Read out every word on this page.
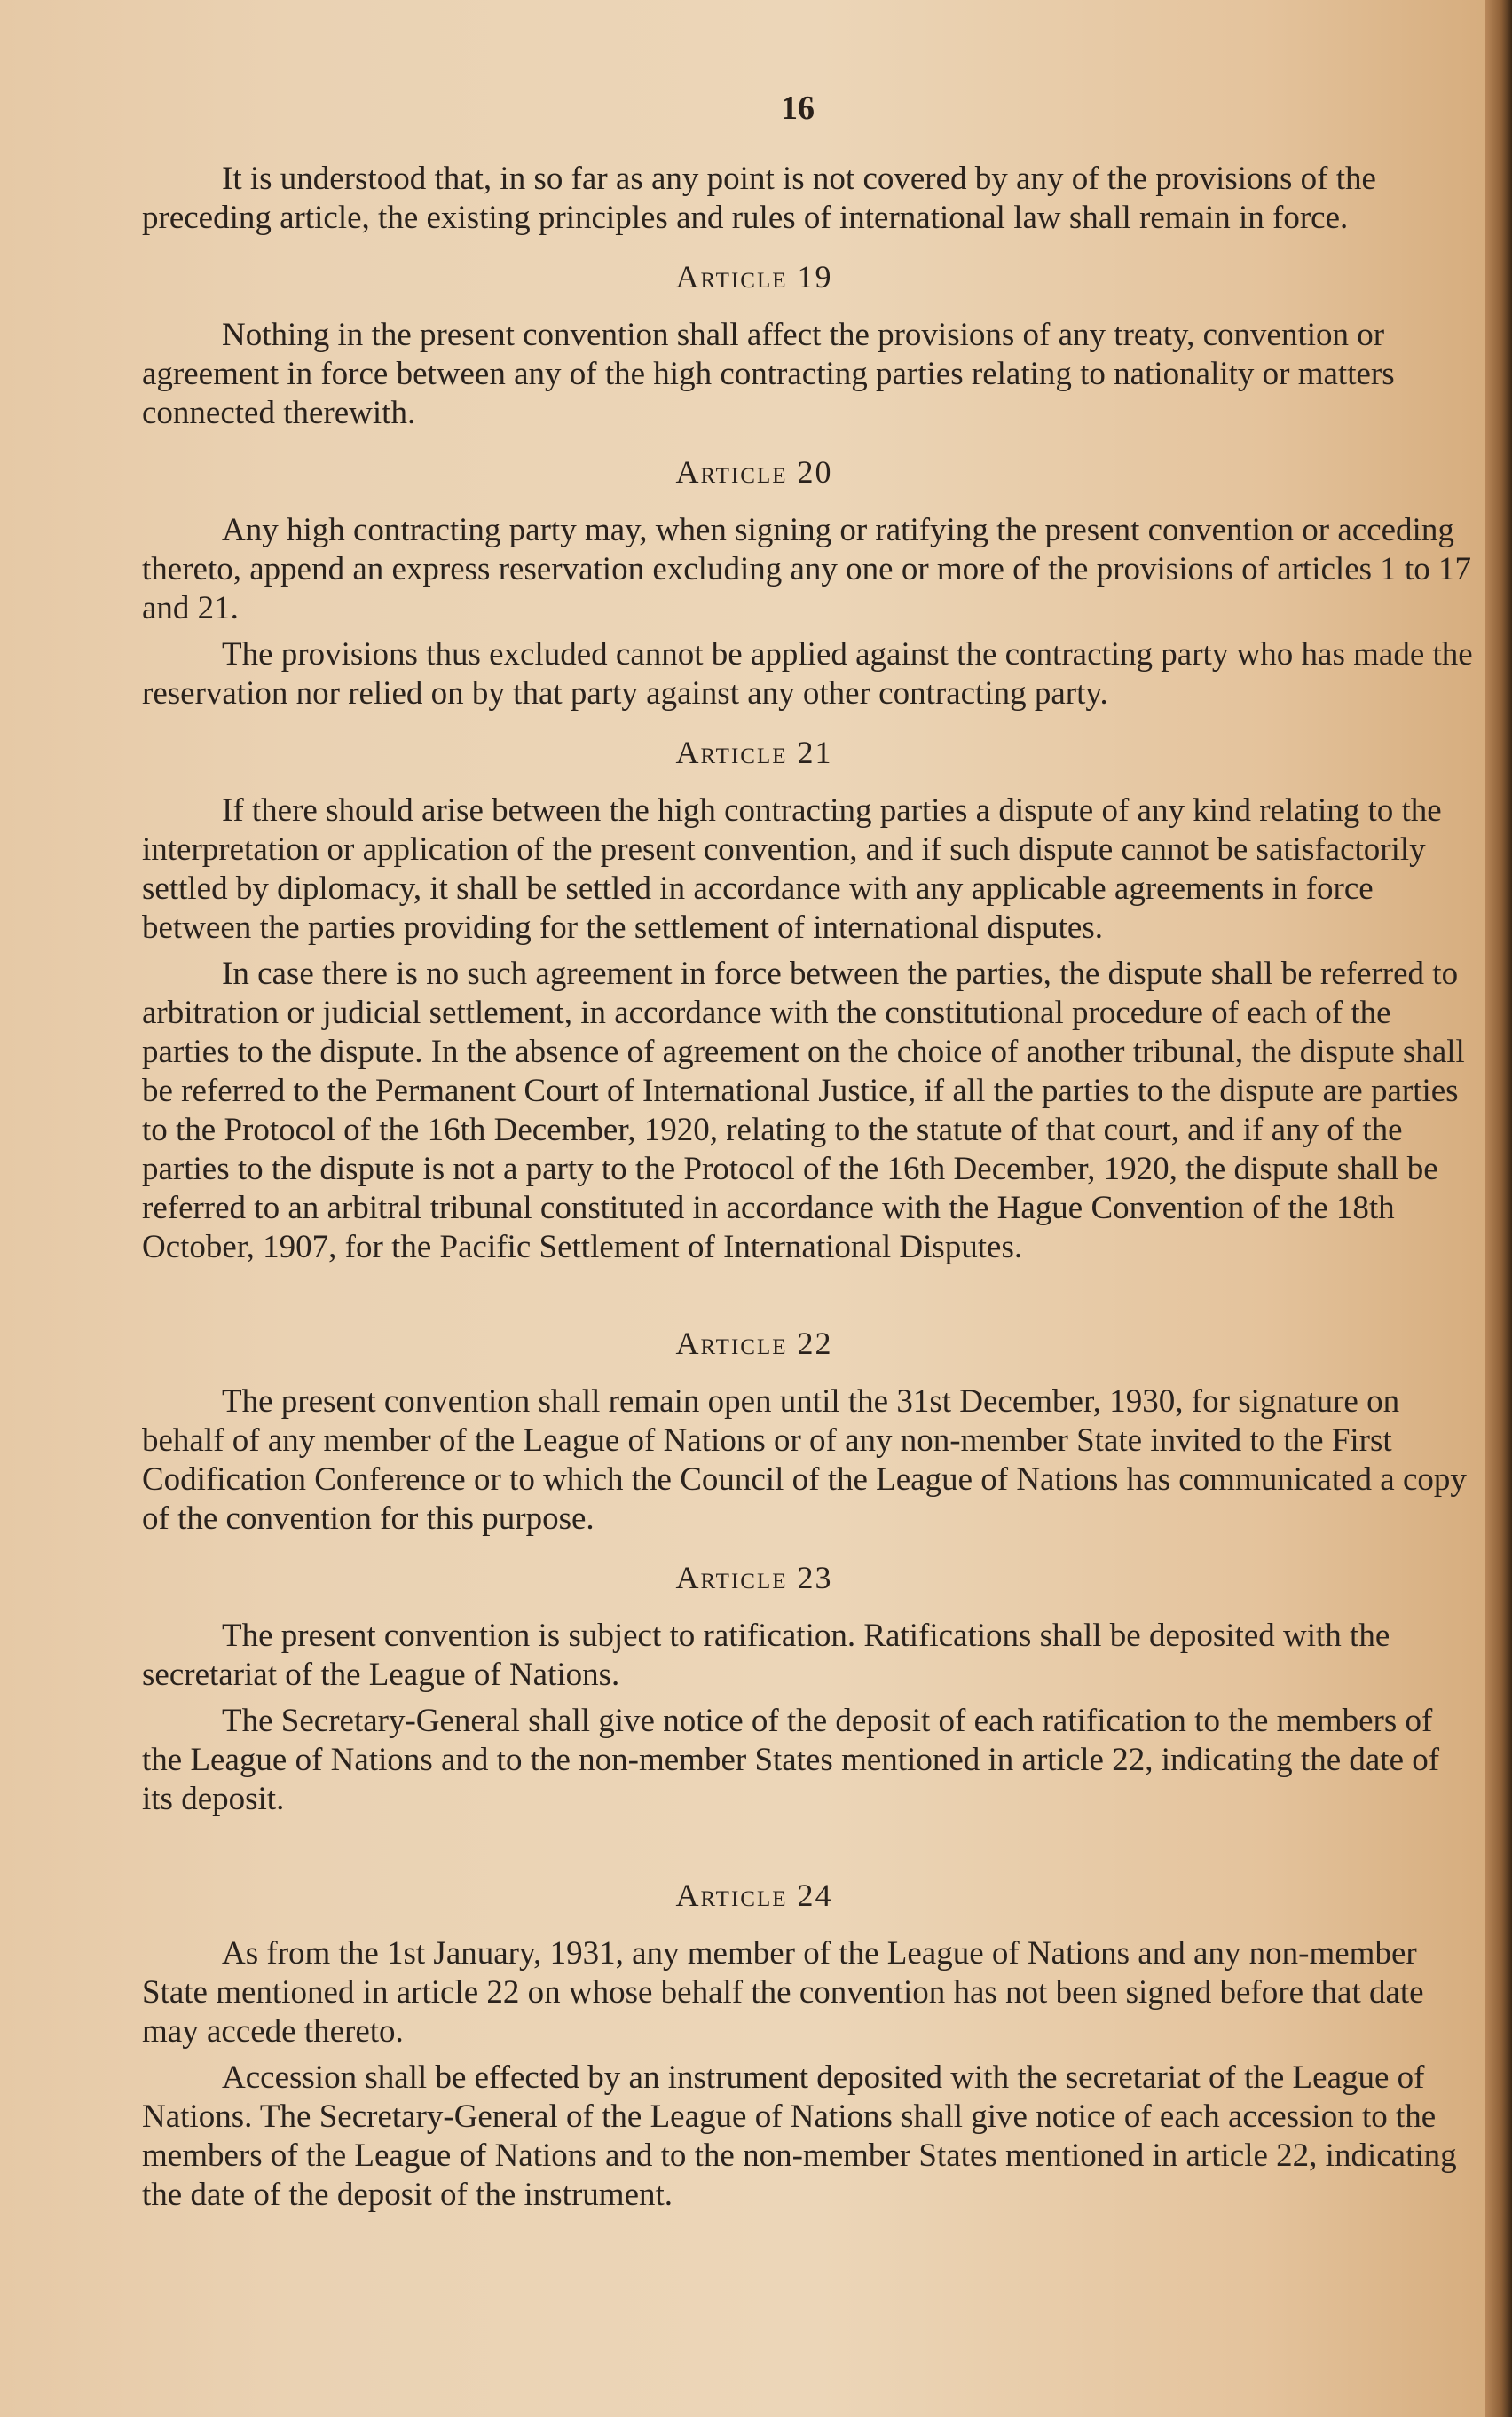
16

It is understood that, in so far as any point is not covered by any of the provisions of the preceding article, the existing principles and rules of international law shall remain in force.

Article 19

Nothing in the present convention shall affect the provisions of any treaty, convention or agreement in force between any of the high contracting parties relating to nationality or matters connected therewith.

Article 20

Any high contracting party may, when signing or ratifying the present convention or acceding thereto, append an express reservation excluding any one or more of the provisions of articles 1 to 17 and 21.

The provisions thus excluded cannot be applied against the contracting party who has made the reservation nor relied on by that party against any other contracting party.

Article 21

If there should arise between the high contracting parties a dispute of any kind relating to the interpretation or application of the present convention, and if such dispute cannot be satisfactorily settled by diplomacy, it shall be settled in accordance with any applicable agreements in force between the parties providing for the settlement of international disputes.

In case there is no such agreement in force between the parties, the dispute shall be referred to arbitration or judicial settlement, in accordance with the constitutional procedure of each of the parties to the dispute. In the absence of agreement on the choice of another tribunal, the dispute shall be referred to the Permanent Court of International Justice, if all the parties to the dispute are parties to the Protocol of the 16th December, 1920, relating to the statute of that court, and if any of the parties to the dispute is not a party to the Protocol of the 16th December, 1920, the dispute shall be referred to an arbitral tribunal constituted in accordance with the Hague Convention of the 18th October, 1907, for the Pacific Settlement of International Disputes.

Article 22

The present convention shall remain open until the 31st December, 1930, for signature on behalf of any member of the League of Nations or of any non-member State invited to the First Codification Conference or to which the Council of the League of Nations has communicated a copy of the convention for this purpose.

Article 23

The present convention is subject to ratification. Ratifications shall be deposited with the secretariat of the League of Nations.

The Secretary-General shall give notice of the deposit of each ratification to the members of the League of Nations and to the non-member States mentioned in article 22, indicating the date of its deposit.

Article 24

As from the 1st January, 1931, any member of the League of Nations and any non-member State mentioned in article 22 on whose behalf the convention has not been signed before that date may accede thereto.

Accession shall be effected by an instrument deposited with the secretariat of the League of Nations. The Secretary-General of the League of Nations shall give notice of each accession to the members of the League of Nations and to the non-member States mentioned in article 22, indicating the date of the deposit of the instrument.
